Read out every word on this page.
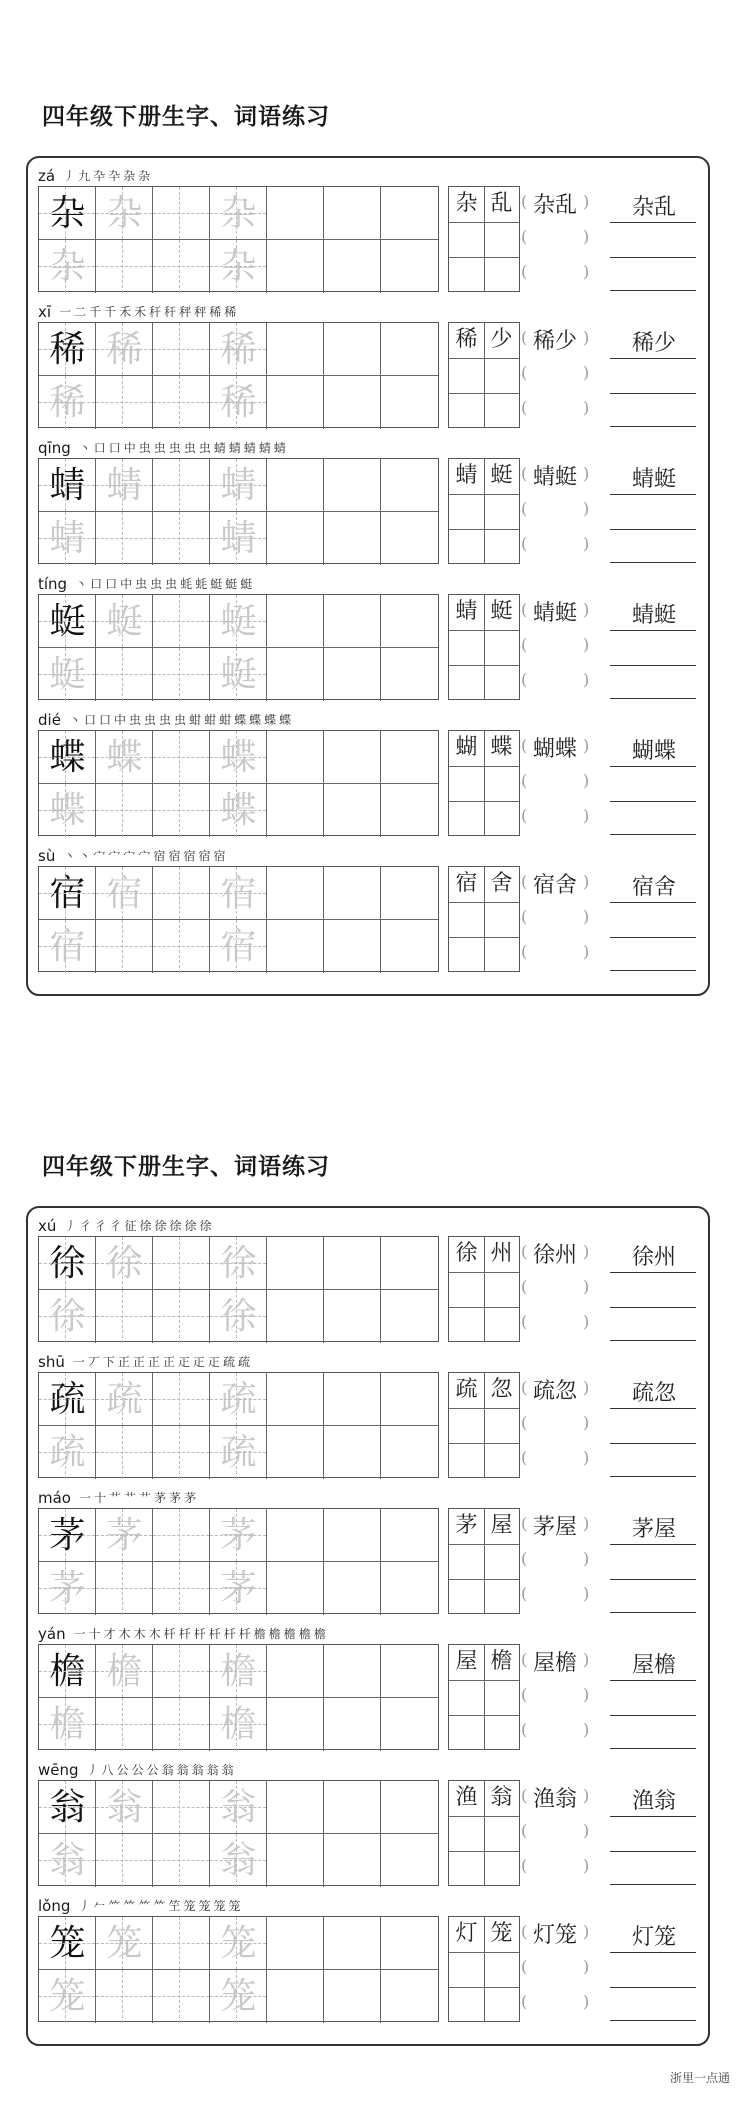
四年级下册生字、词语练习
zá 丿 九 卆 卆 杂 杂
杂 杂 杂
杂	杂
杂 乱 (	)
(	)
(	)
杂乱	杂乱
xī 一 二 千 千 禾 禾 秆 秆 秤 秤 稀 稀
稀 稀 稀
稀	稀
稀 少 (	)
(	)
(	)
稀少	稀少
qīng 丶 口 口 中 虫 虫 虫 虫 虫 蜻 蜻 蜻 蜻 蜻
蜻 蜻 蜻
蜻	蜻
蜻 蜓 (	)
(	)
(	)
蜻蜓	蜻蜓
tíng 丶 口 口 中 虫 虫 虫 蚝 蚝 蜓 蜓 蜓
蜓 蜓 蜓
蜓	蜓
蜻 蜓 (	)
(	)
(	)
蜻蜓	蜻蜓
dié 丶 口 口 中 虫 虫 虫 虫 蚶 蚶 蚶 蝶 蝶 蝶 蝶
蝶 蝶 蝶
蝶	蝶
蝴 蝶 (	)
(	)
(	)
蝴蝶	蝴蝶
sù 丶 丶 宀 宀 宀 宀 宿 宿 宿 宿 宿
宿 宿 宿
宿	宿
宿 舍 (	)
(	)
(	)
宿舍	宿舍
四年级下册生字、词语练习
xú 丿 彳 彳 彳 征 徐 徐 徐 徐 徐
徐 徐 徐
徐	徐
徐 州 (	)
(	)
(	)
徐州	徐州
shū 一 丆 下 正 正 正 正 𤴓 𤴓 𤴓 疏 疏
疏 疏 疏
疏	疏
疏 忽 (	)
(	)
(	)
疏忽	疏忽
máo 一 十 艹 艹 艹 茅 茅 茅
茅 茅 茅
茅	茅
茅 屋 (	)
(	)
(	)
茅屋	茅屋
yán 一 十 才 木 木 木 杄 杄 杄 杄 杄 杄 檐 檐 檐 檐 檐
檐 檐 檐
檐	檐
屋 檐 (	)
(	)
(	)
屋檐	屋檐
wēng 丿 八 公 公 公 翁 翁 翁 翁 翁
翁 翁 翁
翁	翁
渔 翁 (	)
(	)
(	)
渔翁	渔翁
lǒng 丿 𠂉 ⺮ ⺮ ⺮ ⺮ 笁 笼 笼 笼 笼
笼 笼 笼
笼	笼
灯 笼 (	)
(	)
(	)
灯笼	灯笼
浙里一点通
